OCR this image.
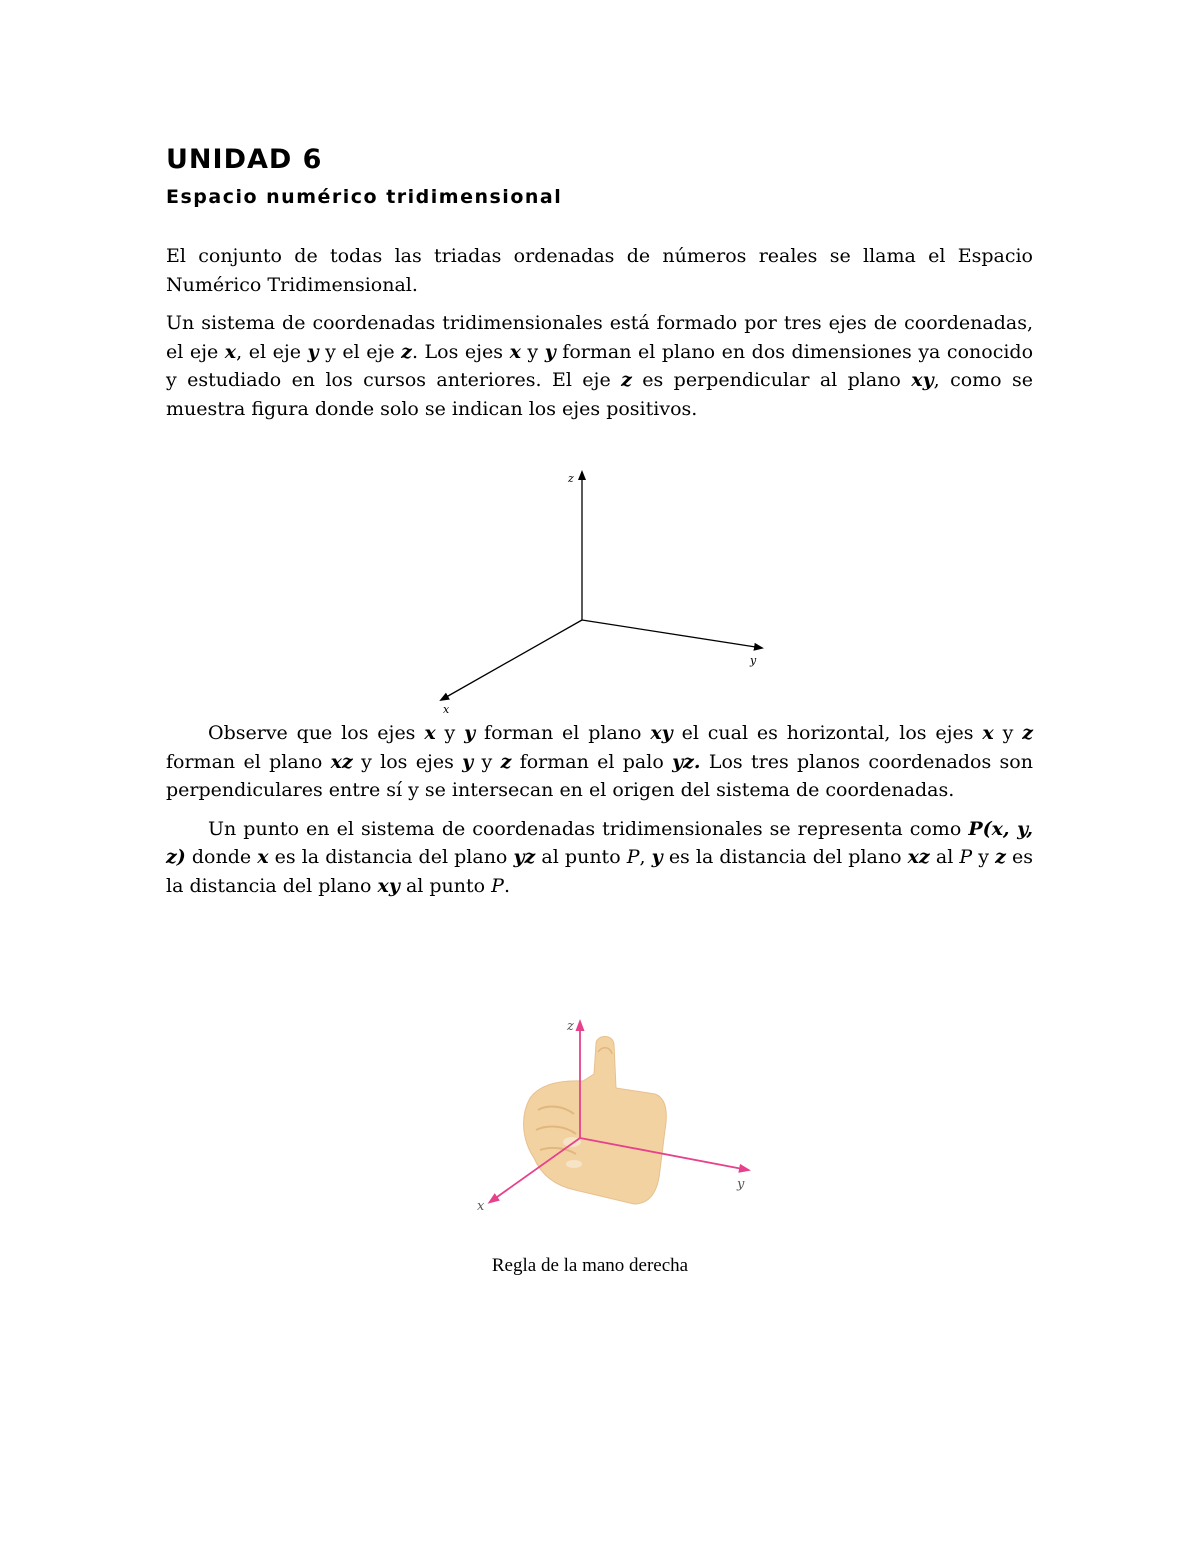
UNIDAD 6
Espacio numérico tridimensional

El conjunto de todas las triadas ordenadas de números reales se llama el Espacio Numérico Tridimensional.

Un sistema de coordenadas tridimensionales está formado por tres ejes de coordenadas, el eje x, el eje y y el eje z. Los ejes x y y forman el plano en dos dimensiones ya conocido y estudiado en los cursos anteriores. El eje z es perpendicular al plano xy, como se muestra figura donde solo se indican los ejes positivos.

Observe que los ejes x y y forman el plano xy el cual es horizontal, los ejes x y z forman el plano xz y los ejes y y z forman el palo yz. Los tres planos coordenados son perpendiculares entre sí y se intersecan en el origen del sistema de coordenadas.

Un punto en el sistema de coordenadas tridimensionales se representa como P(x, y, z) donde x es la distancia del plano yz al punto P, y es la distancia del plano xz al P y z es la distancia del plano xy al punto P.

z
y
x
z
y
x
Regla de la mano derecha
